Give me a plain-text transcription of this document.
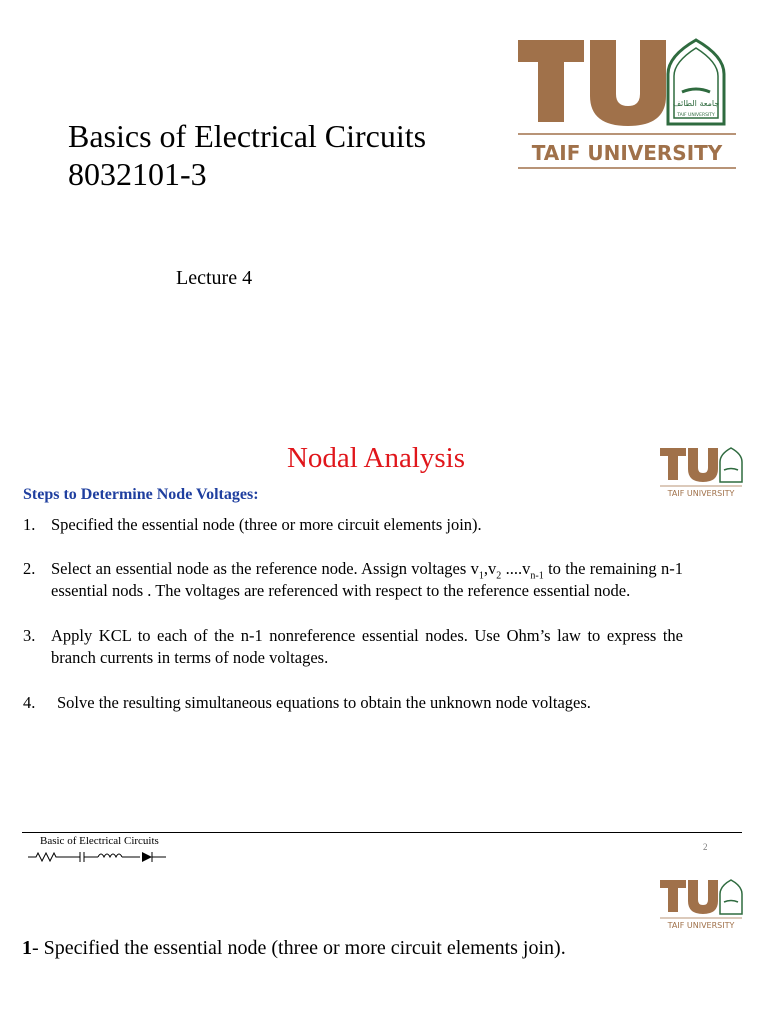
Basics of Electrical Circuits
8032101-3
Lecture 4
جامعة الطائف
TAIF UNIVERSITY
TAIF UNIVERSITY
Nodal Analysis
TAIF UNIVERSITY
Steps to Determine Node Voltages:
1. Specified the essential node (three or more circuit elements join).
2. Select an essential node as the reference node. Assign voltages $v_1,v_2$ $....v_{n-1}$ to the remaining n-1 essential nods . The voltages are referenced with respect to the reference essential node.
3. Apply KCL to each of the n-1 nonreference essential nodes. Use Ohm’s law to express the branch currents in terms of node voltages.
4. Solve the resulting simultaneous equations to obtain the unknown node voltages.
Basic of Electrical Circuits	2
TAIF UNIVERSITY
1- Specified the essential node (three or more circuit elements join).
